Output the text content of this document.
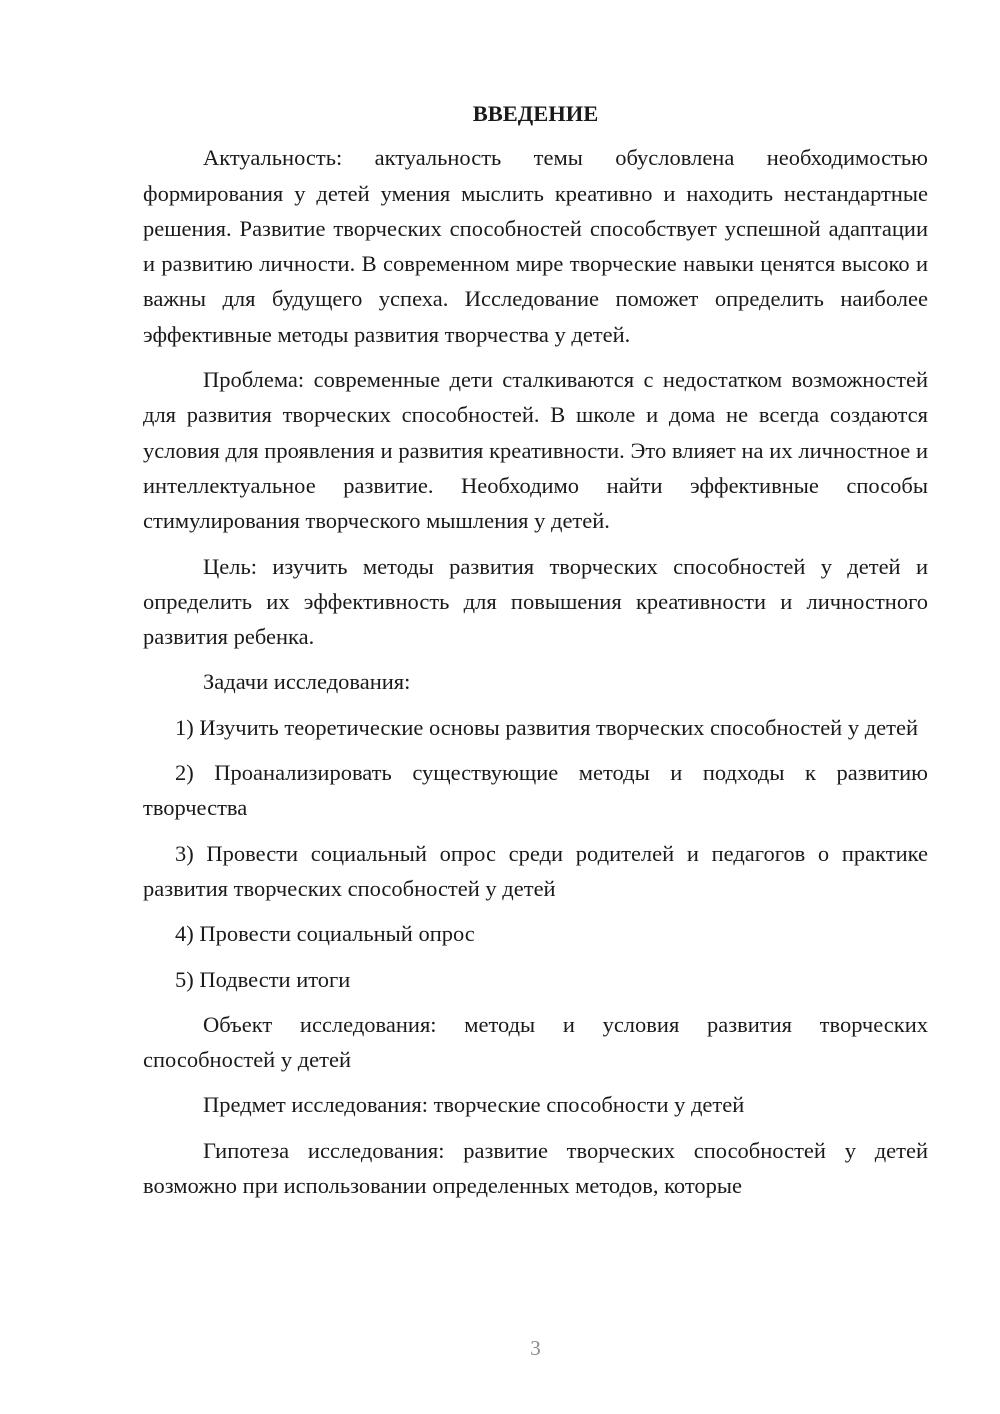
ВВЕДЕНИЕ

Актуальность: актуальность темы обусловлена необходимостью формирования у детей умения мыслить креативно и находить нестандартные решения. Развитие творческих способностей способствует успешной адаптации и развитию личности. В современном мире творческие навыки ценятся высоко и важны для будущего успеха. Исследование поможет определить наиболее эффективные методы развития творчества у детей.

Проблема: современные дети сталкиваются с недостатком возможностей для развития творческих способностей. В школе и дома не всегда создаются условия для проявления и развития креативности. Это влияет на их личностное и интеллектуальное развитие. Необходимо найти эффективные способы стимулирования творческого мышления у детей.

Цель: изучить методы развития творческих способностей у детей и определить их эффективность для повышения креативности и личностного развития ребенка.

Задачи исследования:

1) Изучить теоретические основы развития творческих способностей у детей

2) Проанализировать существующие методы и подходы к развитию творчества

3) Провести социальный опрос среди родителей и педагогов о практике развития творческих способностей у детей

4) Провести социальный опрос

5) Подвести итоги

Объект исследования: методы и условия развития творческих способностей у детей

Предмет исследования: творческие способности у детей

Гипотеза исследования: развитие творческих способностей у детей возможно при использовании определенных методов, которые

3
